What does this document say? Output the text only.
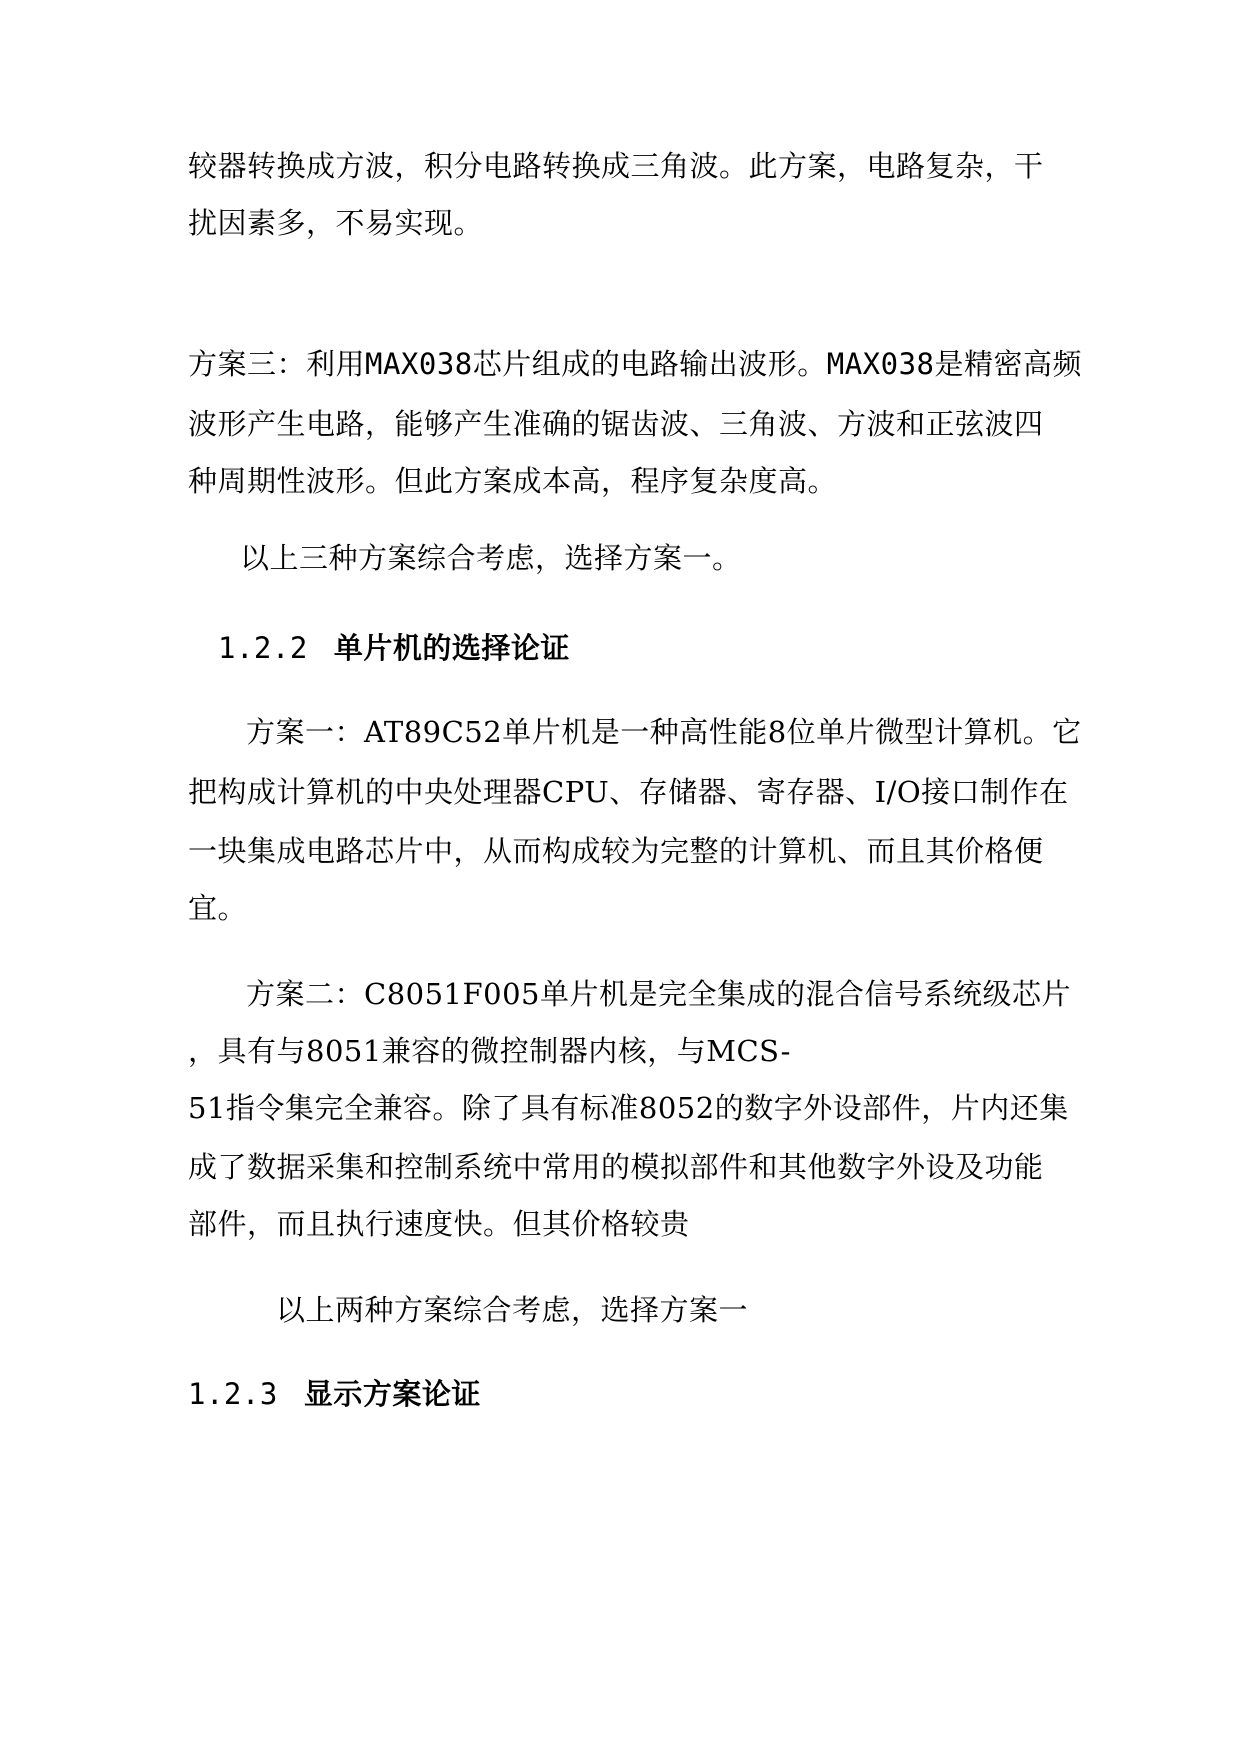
较器转换成方波，积分电路转换成三角波。此方案，电路复杂，干
扰因素多，不易实现。
方案三：利用MAX038芯片组成的电路输出波形。MAX038是精密高频
波形产生电路，能够产生准确的锯齿波、三角波、方波和正弦波四
种周期性波形。但此方案成本高，程序复杂度高。
以上三种方案综合考虑，选择方案一。
1.2.2 单片机的选择论证
方案一：AT89C52单片机是一种高性能8位单片微型计算机。它
把构成计算机的中央处理器CPU、存储器、寄存器、I/O接口制作在
一块集成电路芯片中，从而构成较为完整的计算机、而且其价格便
宜。
方案二：C8051F005单片机是完全集成的混合信号系统级芯片
，具有与8051兼容的微控制器内核，与MCS-
51指令集完全兼容。除了具有标准8052的数字外设部件，片内还集
成了数据采集和控制系统中常用的模拟部件和其他数字外设及功能
部件，而且执行速度快。但其价格较贵
以上两种方案综合考虑，选择方案一
1.2.3 显示方案论证
